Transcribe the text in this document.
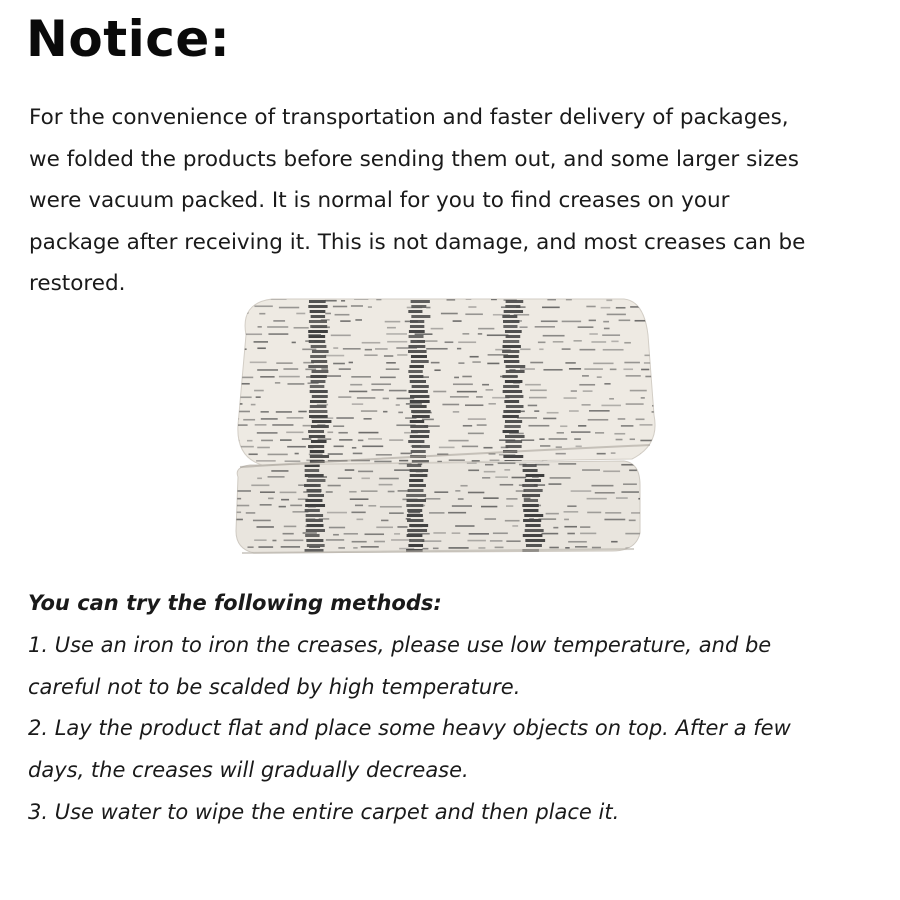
Notice:
For the convenience of transportation and faster delivery of packages,
we folded the products before sending them out, and some larger sizes
were vacuum packed. It is normal for you to find creases on your
package after receiving it. This is not damage, and most creases can be
restored.
You can try the following methods:
1. Use an iron to iron the creases, please use low temperature, and be
careful not to be scalded by high temperature.
2. Lay the product flat and place some heavy objects on top. After a few
days, the creases will gradually decrease.
3. Use water to wipe the entire carpet and then place it.
